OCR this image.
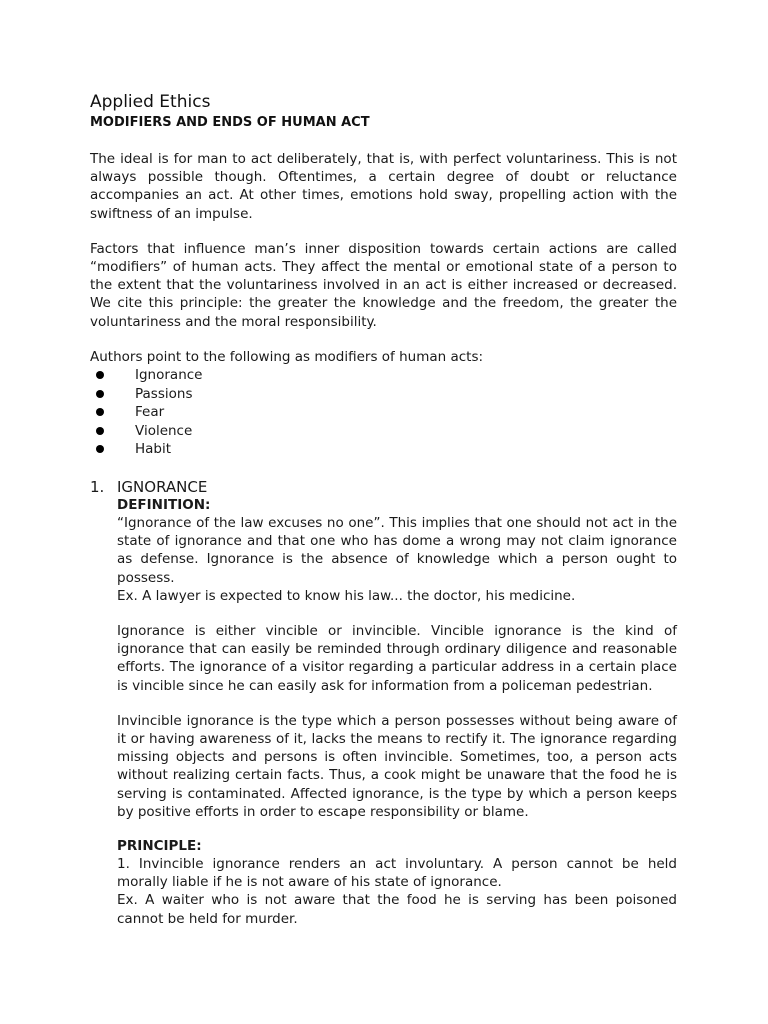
Applied Ethics
MODIFIERS AND ENDS OF HUMAN ACT

The ideal is for man to act deliberately, that is, with perfect voluntariness. This is not always possible though. Oftentimes, a certain degree of doubt or reluctance accompanies an act. At other times, emotions hold sway, propelling action with the swiftness of an impulse.

Factors that influence man’s inner disposition towards certain actions are called “modifiers” of human acts. They affect the mental or emotional state of a person to the extent that the voluntariness involved in an act is either increased or decreased. We cite this principle: the greater the knowledge and the freedom, the greater the voluntariness and the moral responsibility.

Authors point to the following as modifiers of human acts:

Ignorance
Passions
Fear
Violence
Habit
1. IGNORANCE
DEFINITION:

“Ignorance of the law excuses no one”. This implies that one should not act in the state of ignorance and that one who has dome a wrong may not claim ignorance as defense. Ignorance is the absence of knowledge which a person ought to possess.

Ex. A lawyer is expected to know his law... the doctor, his medicine.

Ignorance is either vincible or invincible. Vincible ignorance is the kind of ignorance that can easily be reminded through ordinary diligence and reasonable efforts. The ignorance of a visitor regarding a particular address in a certain place is vincible since he can easily ask for information from a policeman pedestrian.

Invincible ignorance is the type which a person possesses without being aware of it or having awareness of it, lacks the means to rectify it. The ignorance regarding missing objects and persons is often invincible. Sometimes, too, a person acts without realizing certain facts. Thus, a cook might be unaware that the food he is serving is contaminated. Affected ignorance, is the type by which a person keeps by positive efforts in order to escape responsibility or blame.

PRINCIPLE:

1. Invincible ignorance renders an act involuntary. A person cannot be held morally liable if he is not aware of his state of ignorance.

Ex. A waiter who is not aware that the food he is serving has been poisoned cannot be held for murder.
